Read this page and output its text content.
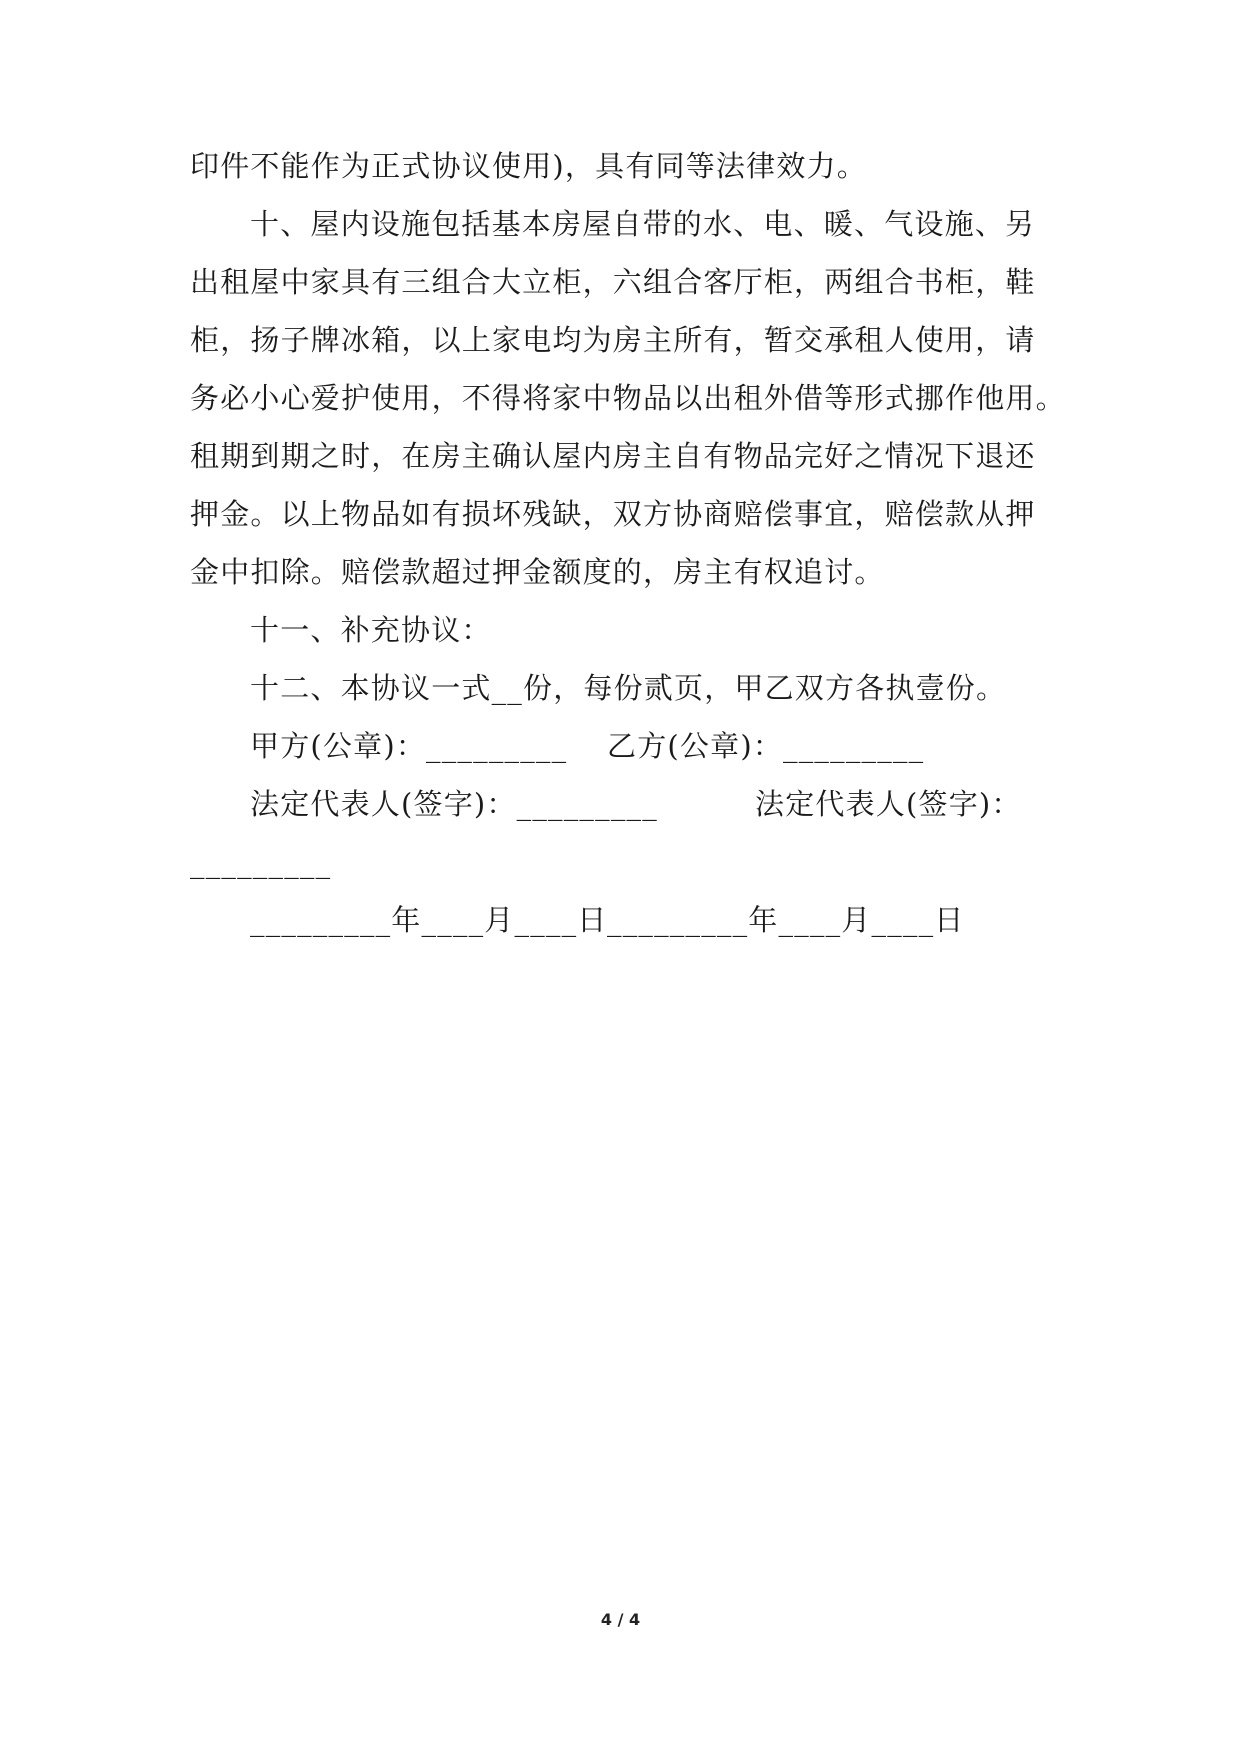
印件不能作为正式协议使用)，具有同等法律效力。
十、屋内设施包括基本房屋自带的水、电、暖、气设施、另
出租屋中家具有三组合大立柜，六组合客厅柜，两组合书柜，鞋
柜，扬子牌冰箱，以上家电均为房主所有，暂交承租人使用，请
务必小心爱护使用，不得将家中物品以出租外借等形式挪作他用。
租期到期之时，在房主确认屋内房主自有物品完好之情况下退还
押金。以上物品如有损坏残缺，双方协商赔偿事宜，赔偿款从押
金中扣除。赔偿款超过押金额度的，房主有权追讨。
十一、补充协议：
十二、本协议一式__份，每份贰页，甲乙双方各执壹份。
甲方(公章)：_________ 乙方(公章)：_________
法定代表人(签字)：_________	法定代表人(签字)：
_________
_________年____月____日 _________年____月____日
4 / 4
